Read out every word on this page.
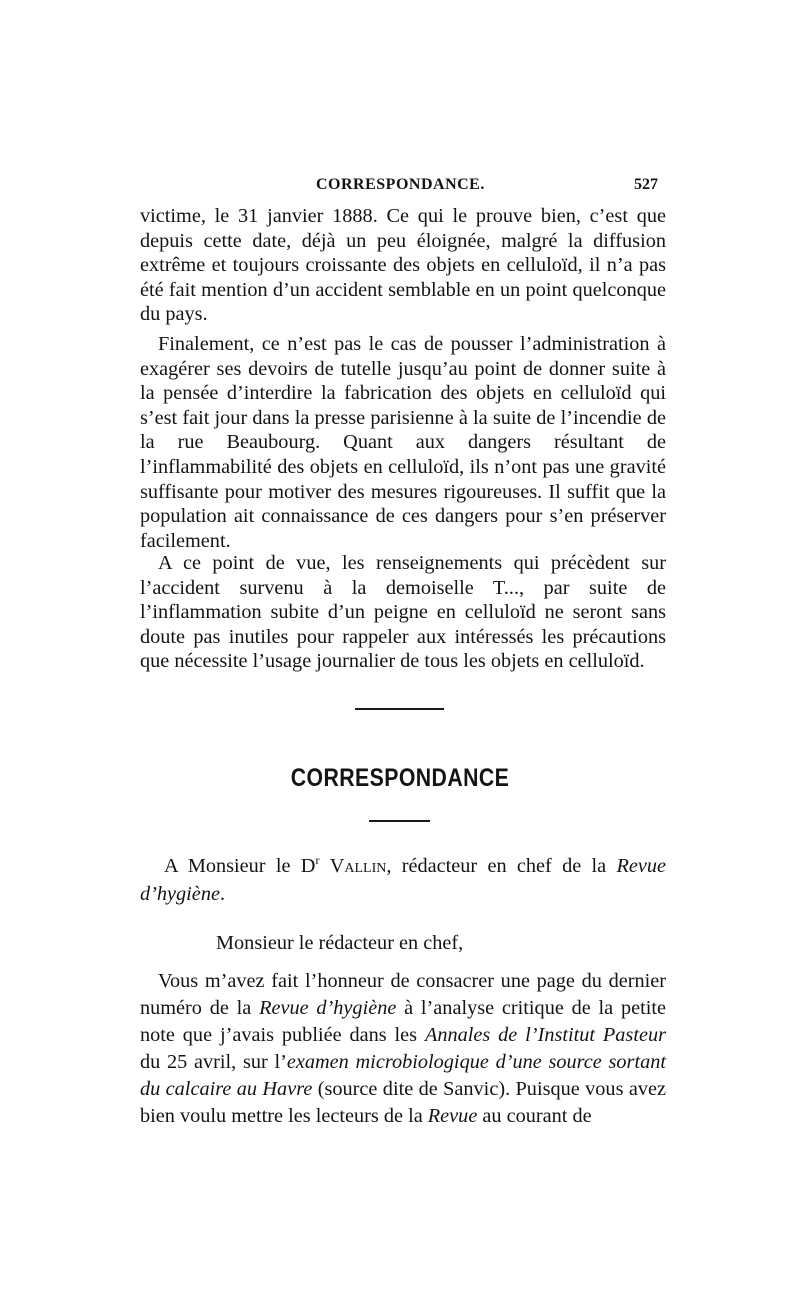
CORRESPONDANCE.	527

victime, le 31 janvier 1888. Ce qui le prouve bien, c’est que depuis cette date, déjà un peu éloignée, malgré la diffusion extrême et toujours croissante des objets en celluloïd, il n’a pas été fait mention d’un accident semblable en un point quelconque du pays.

Finalement, ce n’est pas le cas de pousser l’administration à exagérer ses devoirs de tutelle jusqu’au point de donner suite à la pensée d’interdire la fabrication des objets en celluloïd qui s’est fait jour dans la presse parisienne à la suite de l’incendie de la rue Beaubourg. Quant aux dangers résultant de l’inflammabilité des objets en celluloïd, ils n’ont pas une gravité suffisante pour motiver des mesures rigoureuses. Il suffit que la population ait connaissance de ces dangers pour s’en préserver facilement.

A ce point de vue, les renseignements qui précèdent sur l’accident survenu à la demoiselle T..., par suite de l’inflammation subite d’un peigne en celluloïd ne seront sans doute pas inutiles pour rappeler aux intéressés les précautions que nécessite l’usage journalier de tous les objets en celluloïd.

CORRESPONDANCE

A Monsieur le $D^r$ Vallin, rédacteur en chef de la Revue d’hygiène.

Monsieur le rédacteur en chef,

Vous m’avez fait l’honneur de consacrer une page du dernier numéro de la Revue d’hygiène à l’analyse critique de la petite note que j’avais publiée dans les Annales de l’Institut Pasteur du 25 avril, sur l’examen microbiologique d’une source sortant du calcaire au Havre (source dite de Sanvic). Puisque vous avez bien voulu mettre les lecteurs de la Revue au courant de
